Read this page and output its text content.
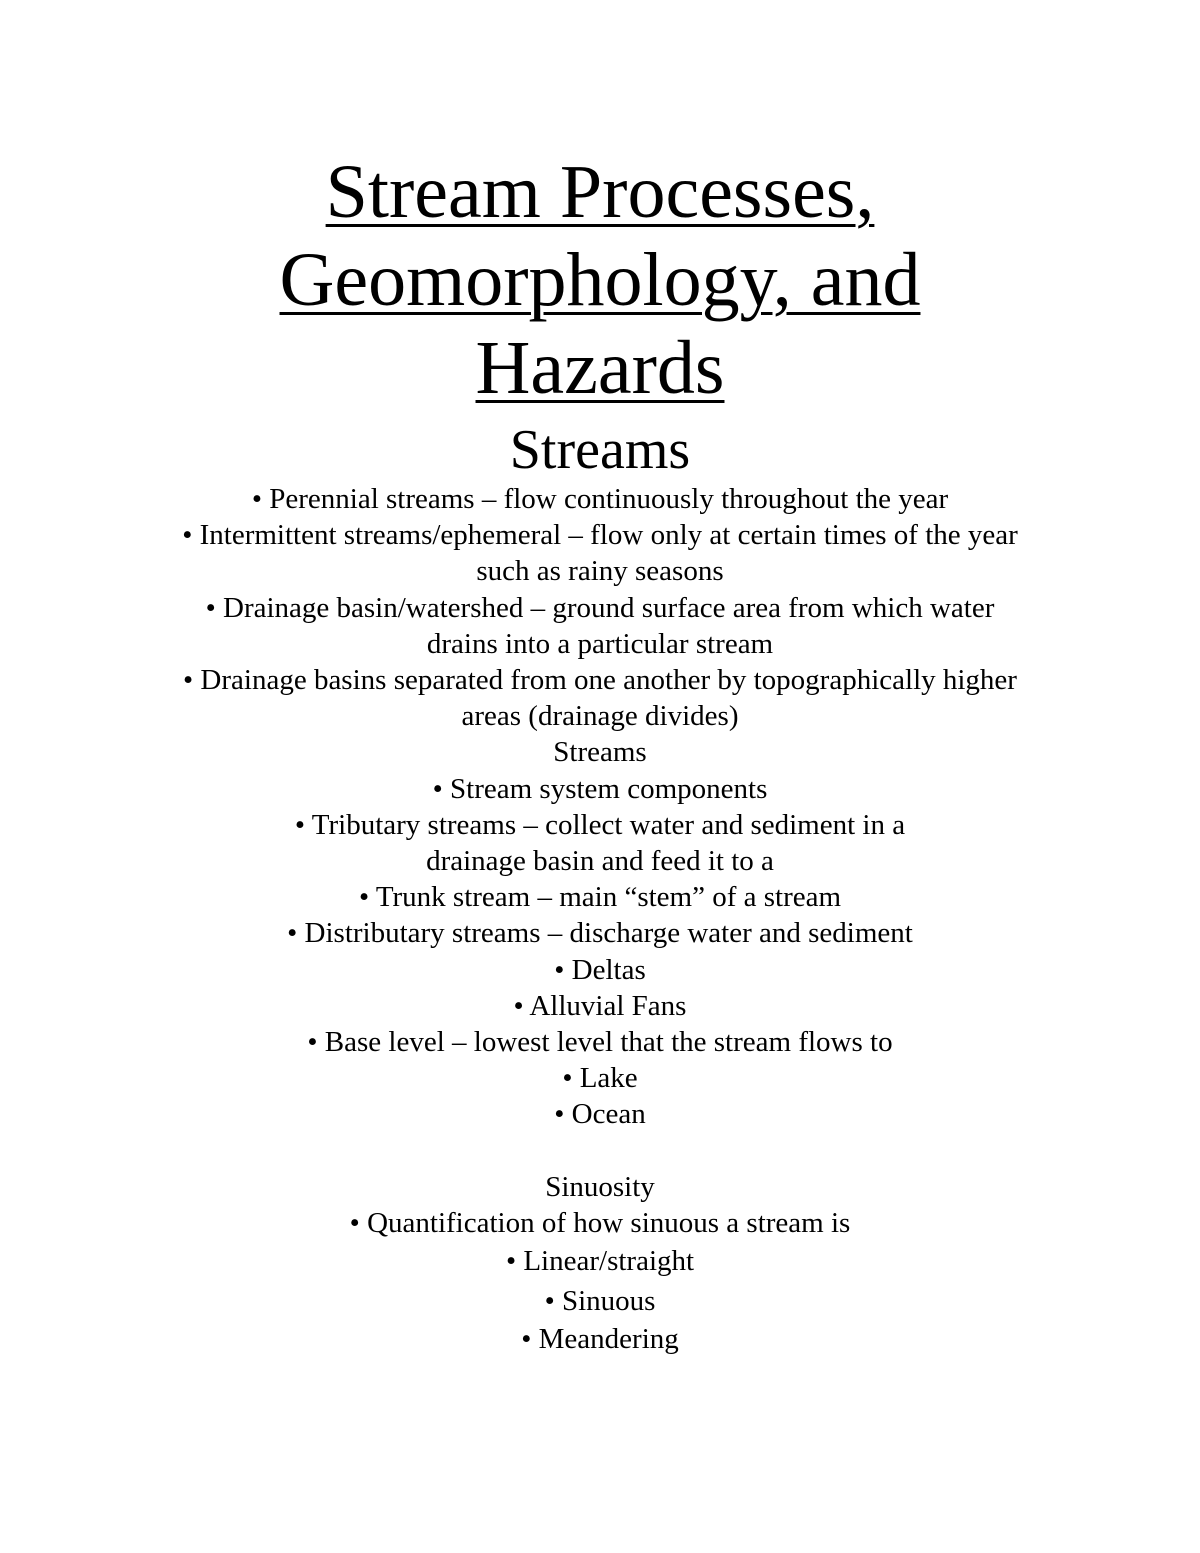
Stream Processes,
Geomorphology, and
Hazards
Streams
• Perennial streams – flow continuously throughout the year
• Intermittent streams/ephemeral – flow only at certain times of the year
such as rainy seasons
• Drainage basin/watershed – ground surface area from which water
drains into a particular stream
• Drainage basins separated from one another by topographically higher
areas (drainage divides)
Streams
• Stream system components
• Tributary streams – collect water and sediment in a
drainage basin and feed it to a
• Trunk stream – main “stem” of a stream
• Distributary streams – discharge water and sediment
• Deltas
• Alluvial Fans
• Base level – lowest level that the stream flows to
• Lake
• Ocean
Sinuosity
• Quantification of how sinuous a stream is
• Linear/straight
• Sinuous
• Meandering
